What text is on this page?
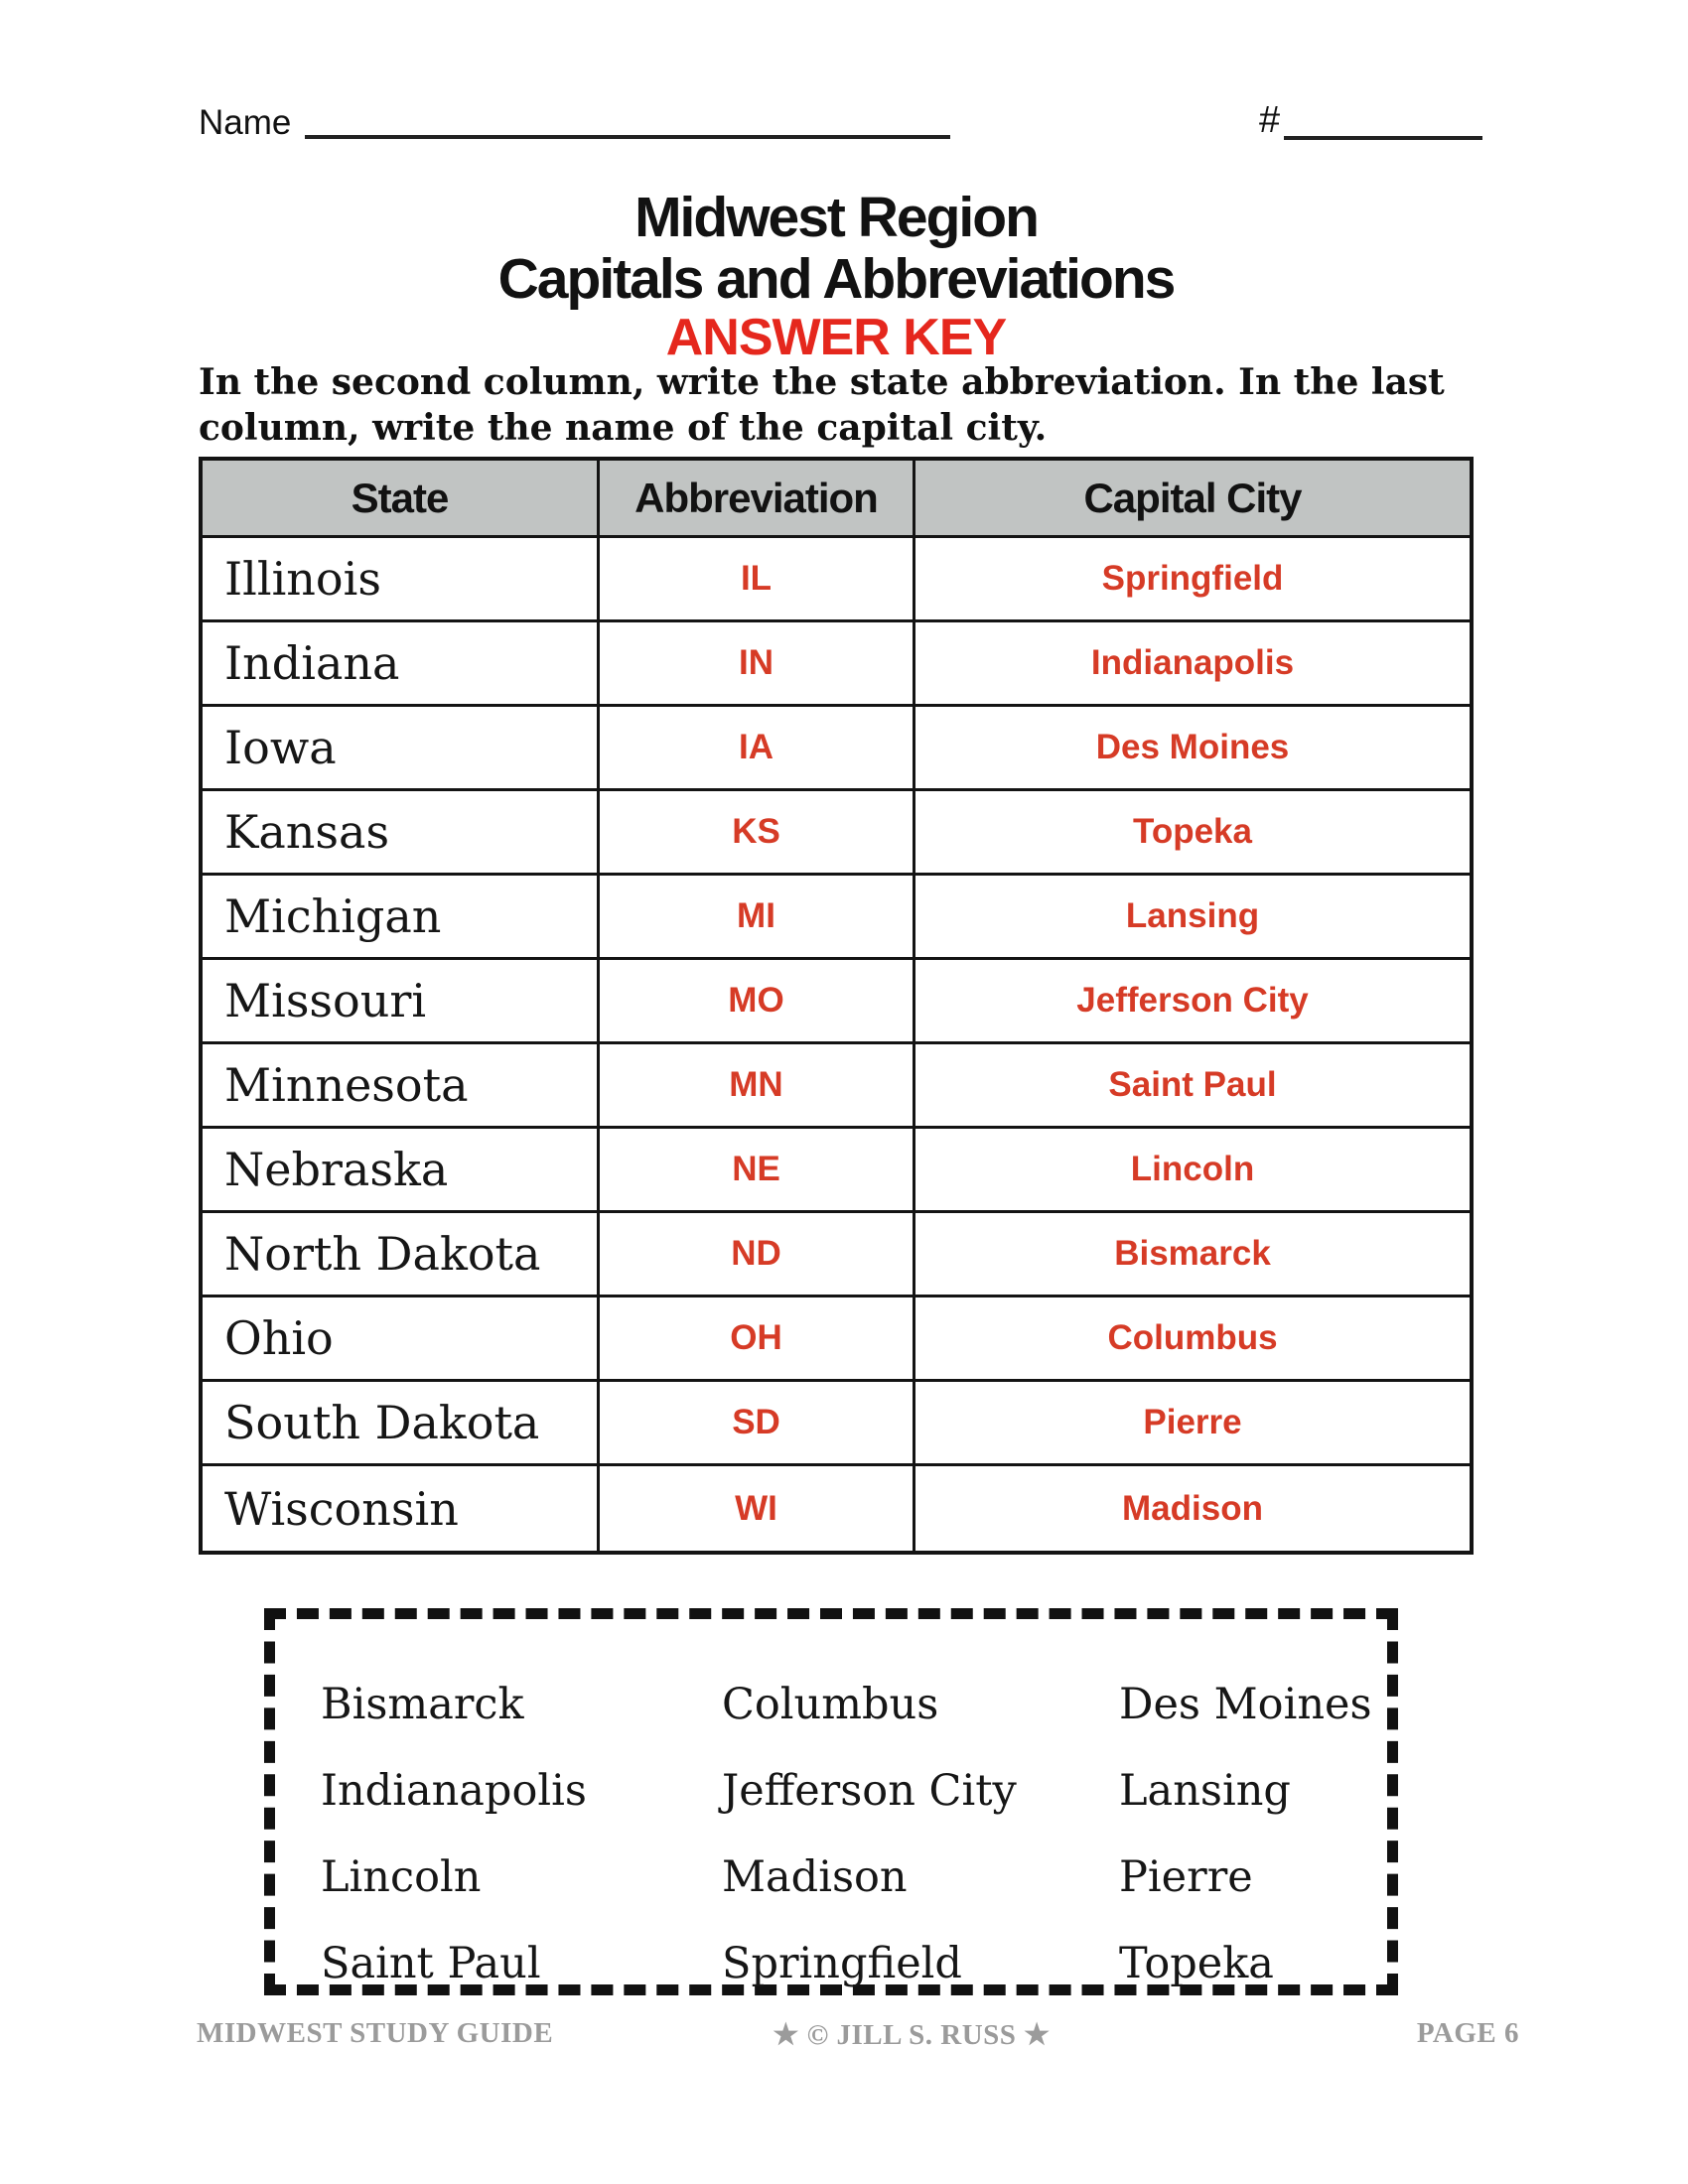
Name	#
Midwest Region
Capitals and Abbreviations
ANSWER KEY
In the second column, write the state abbreviation. In the last
column, write the name of the capital city.
State	Abbreviation	Capital City
Illinois	IL	Springfield
Indiana	IN	Indianapolis
Iowa	IA	Des Moines
Kansas	KS	Topeka
Michigan	MI	Lansing
Missouri	MO	Jefferson City
Minnesota	MN	Saint Paul
Nebraska	NE	Lincoln
North Dakota	ND	Bismarck
Ohio	OH	Columbus
South Dakota	SD	Pierre
Wisconsin	WI	Madison
Bismarck	Columbus	Des Moines
Indianapolis	Jefferson City	Lansing
Lincoln	Madison	Pierre
Saint Paul	Springfield	Topeka
MIDWEST STUDY GUIDE	★ © JILL S. RUSS ★	PAGE 6
